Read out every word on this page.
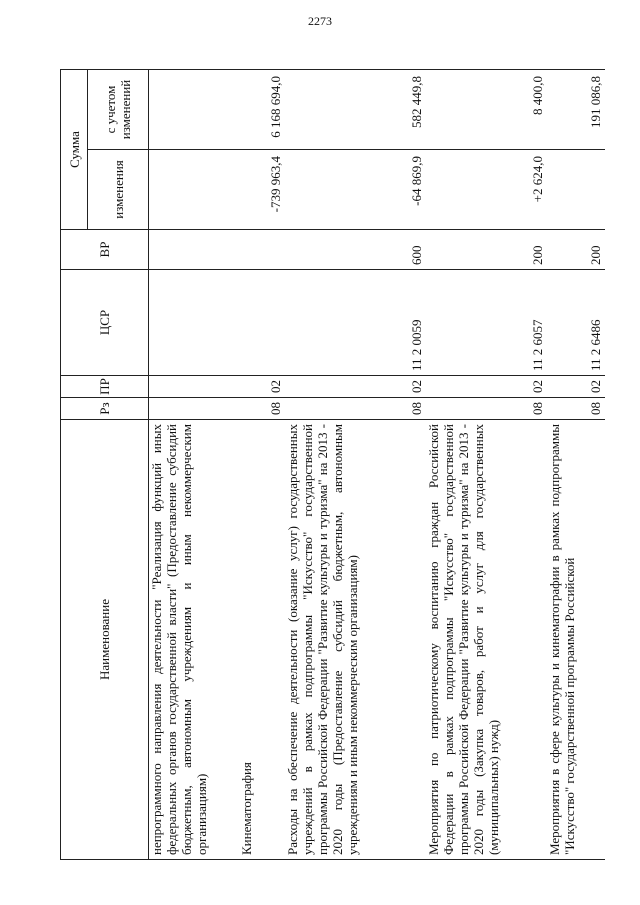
2273
Наименование	Рз	ПР	ЦСР	ВР	Сумма	
					изменения	с учетом изменений
непрограммного направления деятельности "Реализация функций иных федеральных органов государственной власти" (Предоставление субсидий бюджетным, автономным учреждениям и иным некоммерческим организациям)						
Кинематография	08	02			-739 963,4	6 168 694,0
Расходы на обеспечение деятельности (оказание услуг) государственных учреждений в рамках подпрограммы "Искусство" государственной программы Российской Федерации "Развитие культуры и туризма" на 2013 - 2020 годы (Предоставление субсидий бюджетным, автономным учреждениям и иным некоммерческим организациям)	08	02	11 2 0059	600	-64 869,9	582 449,8
Мероприятия по патриотическому воспитанию граждан Российской Федерации в рамках подпрограммы "Искусство" государственной программы Российской Федерации "Развитие культуры и туризма" на 2013 - 2020 годы (Закупка товаров, работ и услуг для государственных (муниципальных) нужд)	08	02	11 2 6057	200	+2 624,0	8 400,0
Мероприятия в сфере культуры и кинематографии в рамках подпрограммы "Искусство" государственной программы Российской	08	02	11 2 6486	200		191 086,8
